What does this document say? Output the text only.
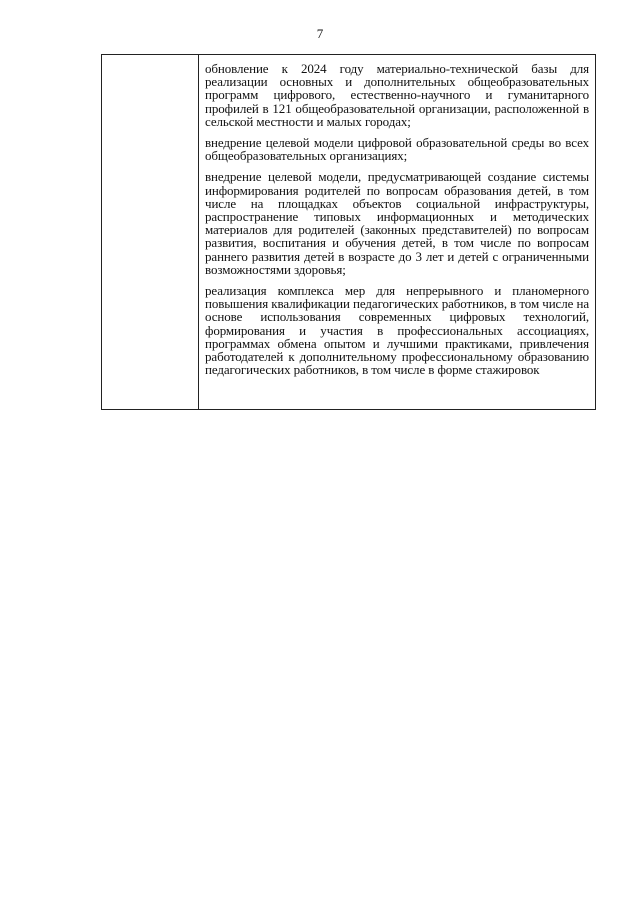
7

обновление к 2024 году материально-технической базы для реализации основных и дополнительных общеобразовательных программ цифрового, естественно-научного и гуманитарного профилей в 121 общеобразовательной организации, расположенной в сельской местности и малых городах;

внедрение целевой модели цифровой образовательной среды во всех общеобразовательных организациях;

внедрение целевой модели, предусматривающей создание системы информирования родителей по вопросам образования детей, в том числе на площадках объектов социальной инфраструктуры, распространение типовых информационных и методических материалов для родителей (законных представителей) по вопросам развития, воспитания и обучения детей, в том числе по вопросам раннего развития детей в возрасте до 3 лет и детей с ограниченными возможностями здоровья;

реализация комплекса мер для непрерывного и планомерного повышения квалификации педагогических работников, в том числе на основе использования современных цифровых технологий, формирования и участия в профессиональных ассоциациях, программах обмена опытом и лучшими практиками, привлечения работодателей к дополнительному профессиональному образованию педагогических работников, в том числе в форме стажировок
